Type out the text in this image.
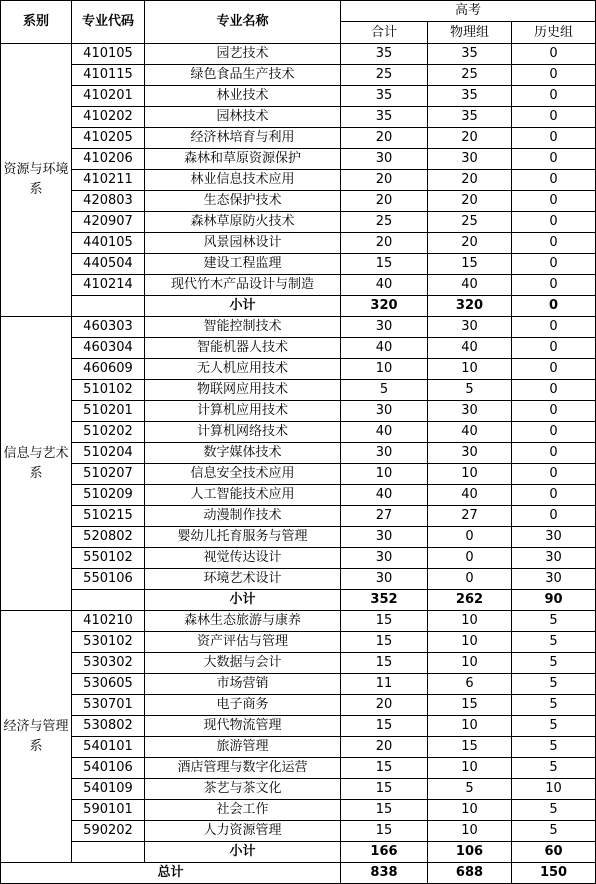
系别	专业代码	专业名称	高考		
			合计	物理组	历史组
资源与环境系	410105	园艺技术	35	35	0
	410115	绿色食品生产技术	25	25	0
	410201	林业技术	35	35	0
	410202	园林技术	35	35	0
	410205	经济林培育与利用	20	20	0
	410206	森林和草原资源保护	30	30	0
	410211	林业信息技术应用	20	20	0
	420803	生态保护技术	20	20	0
	420907	森林草原防火技术	25	25	0
	440105	风景园林设计	20	20	0
	440504	建设工程监理	15	15	0
	410214	现代竹木产品设计与制造	40	40	0
		小计	320	320	0
信息与艺术系	460303	智能控制技术	30	30	0
	460304	智能机器人技术	40	40	0
	460609	无人机应用技术	10	10	0
	510102	物联网应用技术	5	5	0
	510201	计算机应用技术	30	30	0
	510202	计算机网络技术	40	40	0
	510204	数字媒体技术	30	30	0
	510207	信息安全技术应用	10	10	0
	510209	人工智能技术应用	40	40	0
	510215	动漫制作技术	27	27	0
	520802	婴幼儿托育服务与管理	30	0	30
	550102	视觉传达设计	30	0	30
	550106	环境艺术设计	30	0	30
		小计	352	262	90
经济与管理系	410210	森林生态旅游与康养	15	10	5
	530102	资产评估与管理	15	10	5
	530302	大数据与会计	15	10	5
	530605	市场营销	11	6	5
	530701	电子商务	20	15	5
	530802	现代物流管理	15	10	5
	540101	旅游管理	20	15	5
	540106	酒店管理与数字化运营	15	10	5
	540109	茶艺与茶文化	15	5	10
	590101	社会工作	15	10	5
	590202	人力资源管理	15	10	5
		小计	166	106	60
总计			838	688	150
